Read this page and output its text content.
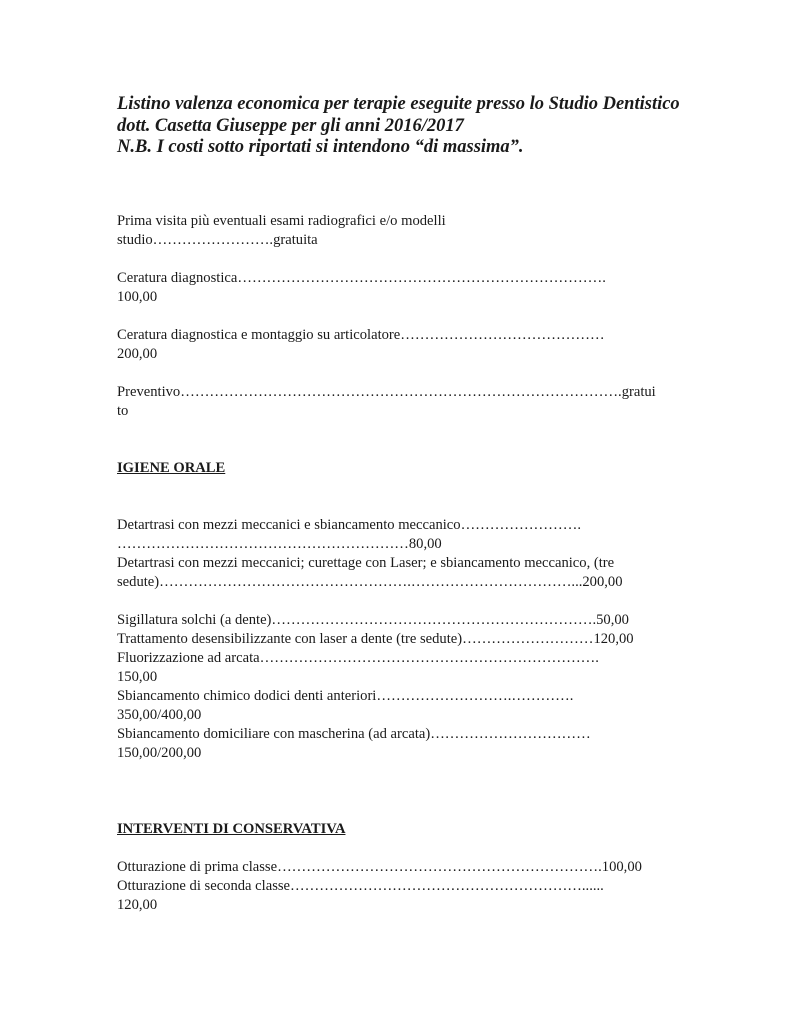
Listino valenza economica per terapie eseguite presso lo Studio Dentistico
dott. Casetta Giuseppe per gli anni 2016/2017
N.B. I costi sotto riportati si intendono “di massima”.
Prima visita più eventuali esami radiografici e/o modelli
studio…………………….gratuita
Ceratura diagnostica………………………………………………………………….
100,00
Ceratura diagnostica e montaggio su articolatore……………………………………
200,00
Preventivo……………………………………………………………………………….gratui
to
IGIENE ORALE
Detartrasi con mezzi meccanici e sbiancamento meccanico…………………….
……………………………………………………80,00
Detartrasi con mezzi meccanici; curettage con Laser; e sbiancamento meccanico, (tre
sedute)…………………………………………….……………………………...200,00
Sigillatura solchi (a dente)………………………………………………………….50,00
Trattamento desensibilizzante con laser a dente (tre sedute)………………………120,00
Fluorizzazione ad arcata…………………………………………………………….
150,00
Sbiancamento chimico dodici denti anteriori……………………….………….
350,00/400,00
Sbiancamento domiciliare con mascherina (ad arcata)……………………………
150,00/200,00
INTERVENTI DI CONSERVATIVA
Otturazione di prima classe………………………………………………………….100,00
Otturazione di seconda classe……………………………………………………......
120,00
